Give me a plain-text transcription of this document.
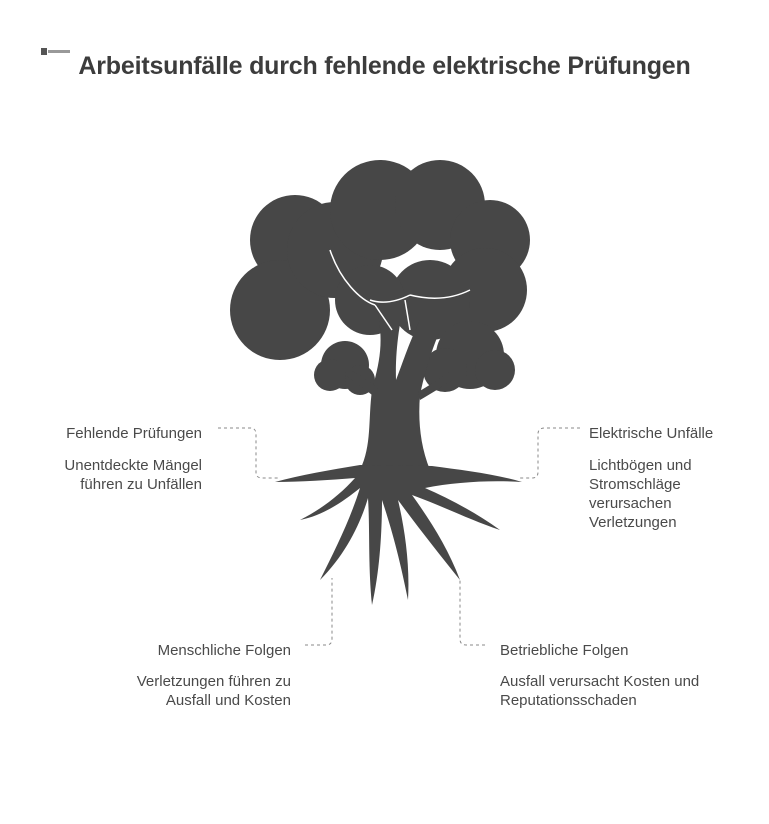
Arbeitsunfälle durch fehlende elektrische Prüfungen
Fehlende Prüfungen
Unentdeckte Mängel führen zu Unfällen
Elektrische Unfälle
Lichtbögen und Stromschläge verursachen Verletzungen
Menschliche Folgen
Verletzungen führen zu Ausfall und Kosten
Betriebliche Folgen
Ausfall verursacht Kosten und Reputationsschaden
